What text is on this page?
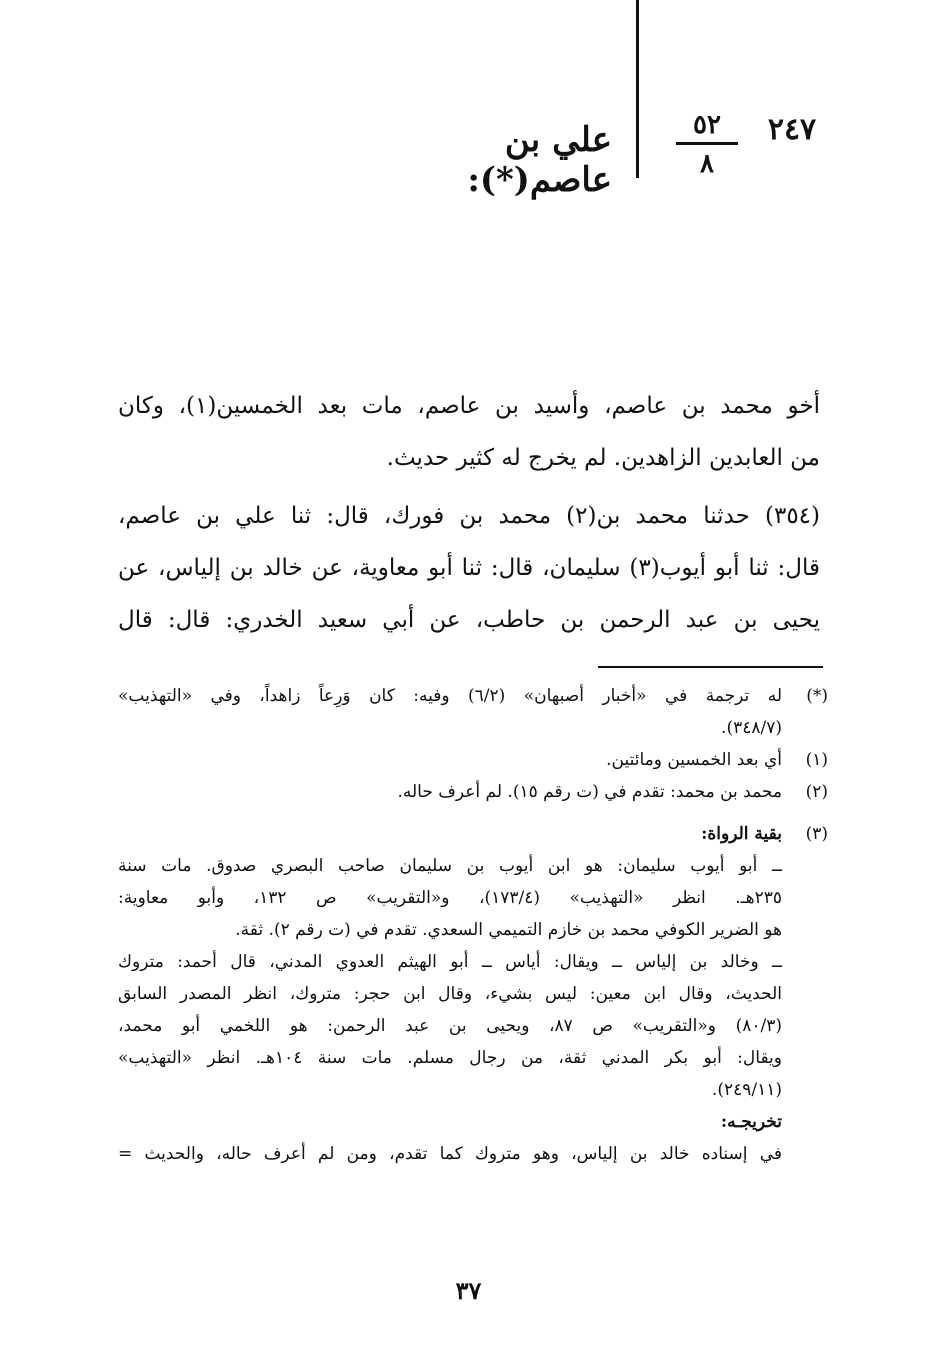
٢٤٧
٥٢
٨
علي بن عاصم(*):
أخو محمد بن عاصم، وأسيد بن عاصم، مات بعد الخمسين(١)، وكان
من العابدين الزاهدين. لم يخرج له كثير حديث.
(٣٥٤) حدثنا محمد بن(٢) محمد بن فورك، قال: ثنا علي بن عاصم،
قال: ثنا أبو أيوب(٣) سليمان، قال: ثنا أبو معاوية، عن خالد بن إلياس، عن
يحيى بن عبد الرحمن بن حاطب، عن أبي سعيد الخدري: قال: قال
(*)
له ترجمة في «أخبار أصبهان» (٦/٢) وفيه: كان وَرِعاً زاهداً، وفي «التهذيب»
(٣٤٨/٧).
(١)
أي بعد الخمسين ومائتين.
(٢)
محمد بن محمد: تقدم في (ت رقم ١٥). لم أعرف حاله.
(٣)
بقية الرواة:
ــ أبو أيوب سليمان: هو ابن أيوب بن سليمان صاحب البصري صدوق. مات سنة
٢٣٥هـ. انظر «التهذيب» (١٧٣/٤)، و«التقريب» ص ١٣٢، وأبو معاوية:
هو الضرير الكوفي محمد بن خازم التميمي السعدي. تقدم في (ت رقم ٢). ثقة.
ــ وخالد بن إلياس ــ ويقال: أياس ــ أبو الهيثم العدوي المدني، قال أحمد: متروك
الحديث، وقال ابن معين: ليس بشيء، وقال ابن حجر: متروك، انظر المصدر السابق
(٨٠/٣) و«التقريب» ص ٨٧، ويحيى بن عبد الرحمن: هو اللخمي أبو محمد،
ويقال: أبو بكر المدني ثقة، من رجال مسلم. مات سنة ١٠٤هـ. انظر «التهذيب»
(٢٤٩/١١).
تخريجـه:
في إسناده خالد بن إلياس، وهو متروك كما تقدم، ومن لم أعرف حاله، والحديث =
٣٧
